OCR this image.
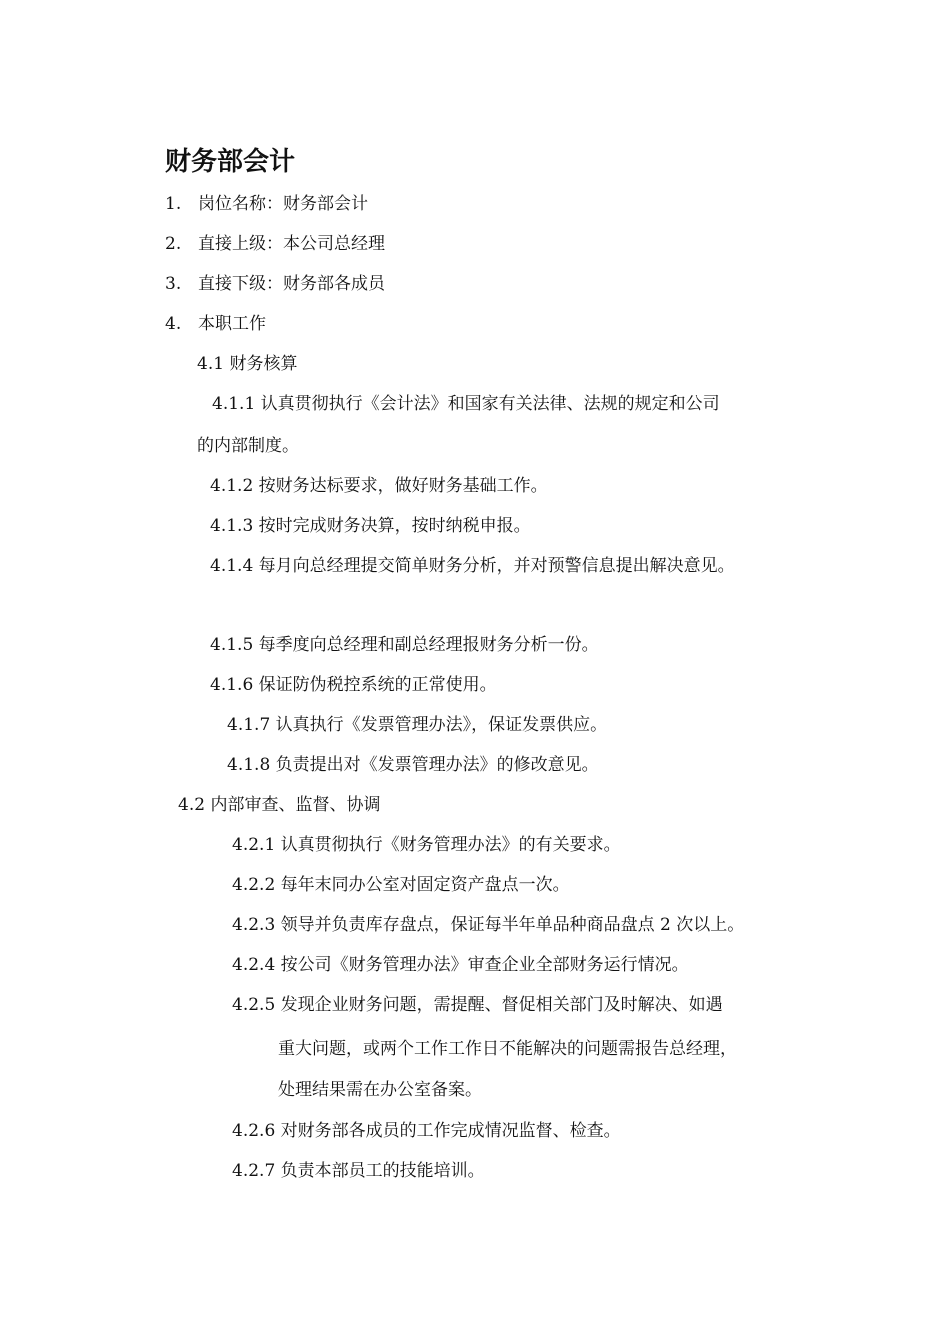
财务部会计
1. 岗位名称：财务部会计
2. 直接上级：本公司总经理
3. 直接下级：财务部各成员
4. 本职工作
4.1 财务核算
4.1.1 认真贯彻执行《会计法》和国家有关法律、法规的规定和公司
的内部制度。
4.1.2 按财务达标要求，做好财务基础工作。
4.1.3 按时完成财务决算，按时纳税申报。
4.1.4 每月向总经理提交简单财务分析，并对预警信息提出解决意见。
4.1.5 每季度向总经理和副总经理报财务分析一份。
4.1.6 保证防伪税控系统的正常使用。
4.1.7 认真执行《发票管理办法》，保证发票供应。
4.1.8 负责提出对《发票管理办法》的修改意见。
4.2 内部审查、监督、协调
4.2.1 认真贯彻执行《财务管理办法》的有关要求。
4.2.2 每年末同办公室对固定资产盘点一次。
4.2.3 领导并负责库存盘点，保证每半年单品种商品盘点 2 次以上。
4.2.4 按公司《财务管理办法》审查企业全部财务运行情况。
4.2.5 发现企业财务问题，需提醒、督促相关部门及时解决、如遇
重大问题，或两个工作工作日不能解决的问题需报告总经理，
处理结果需在办公室备案。
4.2.6 对财务部各成员的工作完成情况监督、检查。
4.2.7 负责本部员工的技能培训。
